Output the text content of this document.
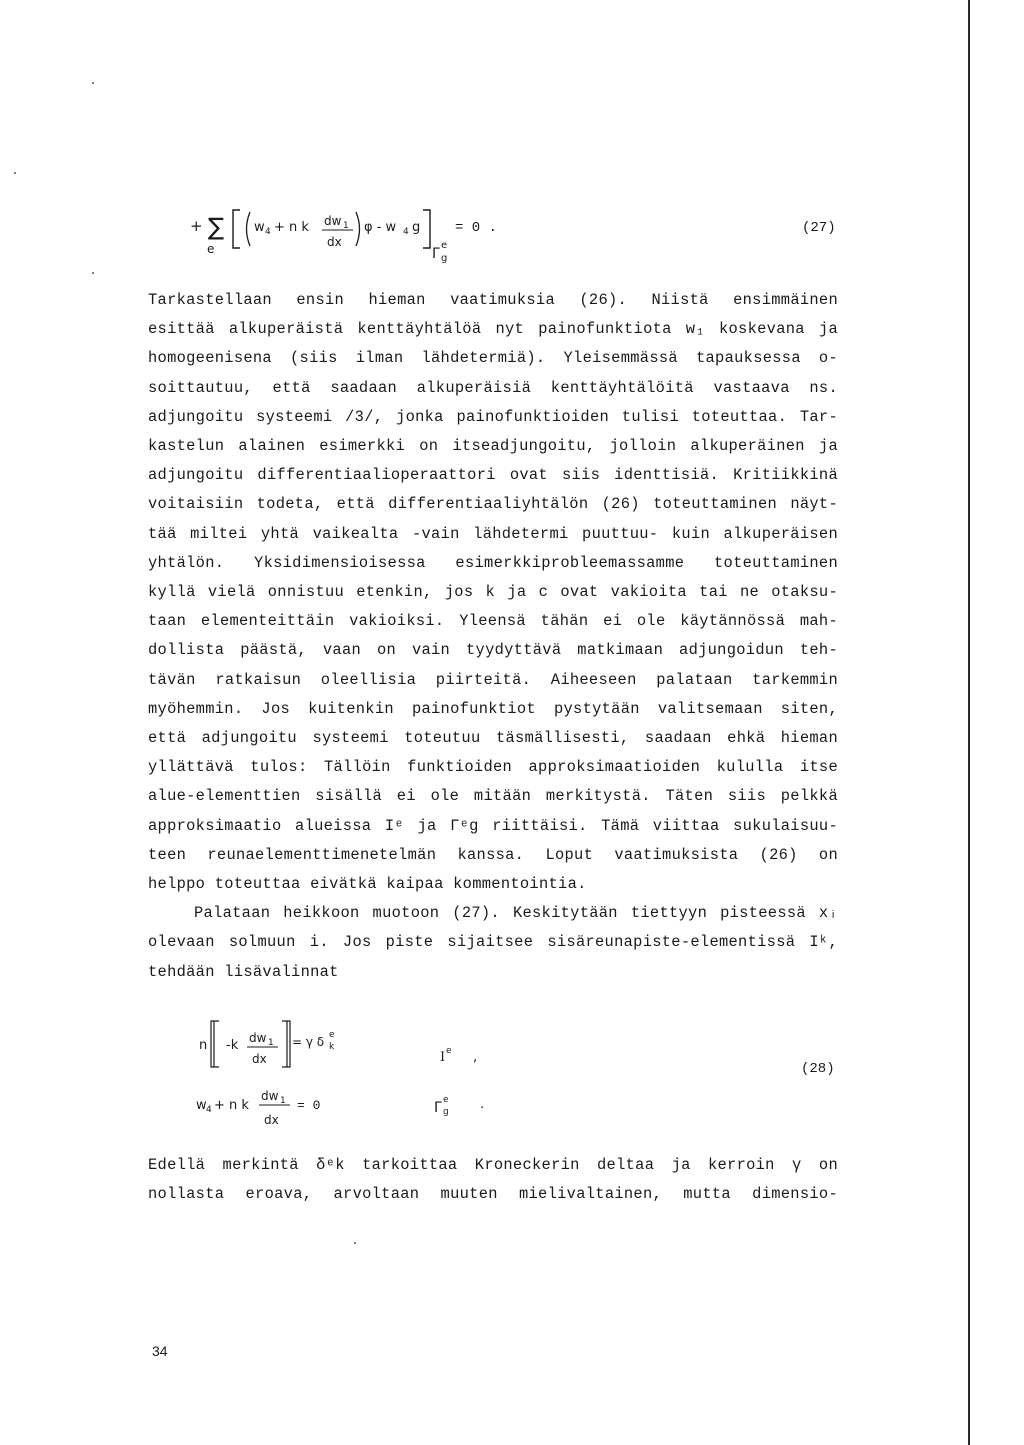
+ ∑
e
w 4 + n k dw 1
dx
φ - w 4 g
Γ
e
g
= 0 .	(27)
Tarkastellaan ensin hieman vaatimuksia (26). Niistä ensimmäinen
esittää alkuperäistä kenttäyhtälöä nyt painofunktiota w₁ koskevana ja
homogeenisena (siis ilman lähdetermiä). Yleisemmässä tapauksessa o-
soittautuu, että saadaan alkuperäisiä kenttäyhtälöitä vastaava ns.
adjungoitu systeemi /3/, jonka painofunktioiden tulisi toteuttaa. Tar-
kastelun alainen esimerkki on itseadjungoitu, jolloin alkuperäinen ja
adjungoitu differentiaalioperaattori ovat siis identtisiä. Kritiikkinä
voitaisiin todeta, että differentiaaliyhtälön (26) toteuttaminen näyt-
tää miltei yhtä vaikealta -vain lähdetermi puuttuu- kuin alkuperäisen
yhtälön. Yksidimensioisessa esimerkkiprobleemassamme toteuttaminen
kyllä vielä onnistuu etenkin, jos k ja c ovat vakioita tai ne otaksu-
taan elementeittäin vakioiksi. Yleensä tähän ei ole käytännössä mah-
dollista päästä, vaan on vain tyydyttävä matkimaan adjungoidun teh-
tävän ratkaisun oleellisia piirteitä. Aiheeseen palataan tarkemmin
myöhemmin. Jos kuitenkin painofunktiot pystytään valitsemaan siten,
että adjungoitu systeemi toteutuu täsmällisesti, saadaan ehkä hieman
yllättävä tulos: Tällöin funktioiden approksimaatioiden kululla itse
alue-elementtien sisällä ei ole mitään merkitystä. Täten siis pelkkä
approksimaatio alueissa Iᵉ ja Γᵉg riittäisi. Tämä viittaa sukulaisuu-
teen reunaelementtimenetelmän kanssa. Loput vaatimuksista (26) on
helppo toteuttaa eivätkä kaipaa kommentointia.
Palataan heikkoon muotoon (27). Keskitytään tiettyyn pisteessä xᵢ
olevaan solmuun i. Jos piste sijaitsee sisäreunapiste-elementissä Iᵏ,
tehdään lisävalinnat
n -k dw 1
dx
= γ δ e
k
I e ,
w 4 + n k
dw 1
dx
= 0	Γ e
g .
(28)
Edellä merkintä δᵉk tarkoittaa Kroneckerin deltaa ja kerroin γ on
nollasta eroava, arvoltaan muuten mielivaltainen, mutta dimensio-
34
